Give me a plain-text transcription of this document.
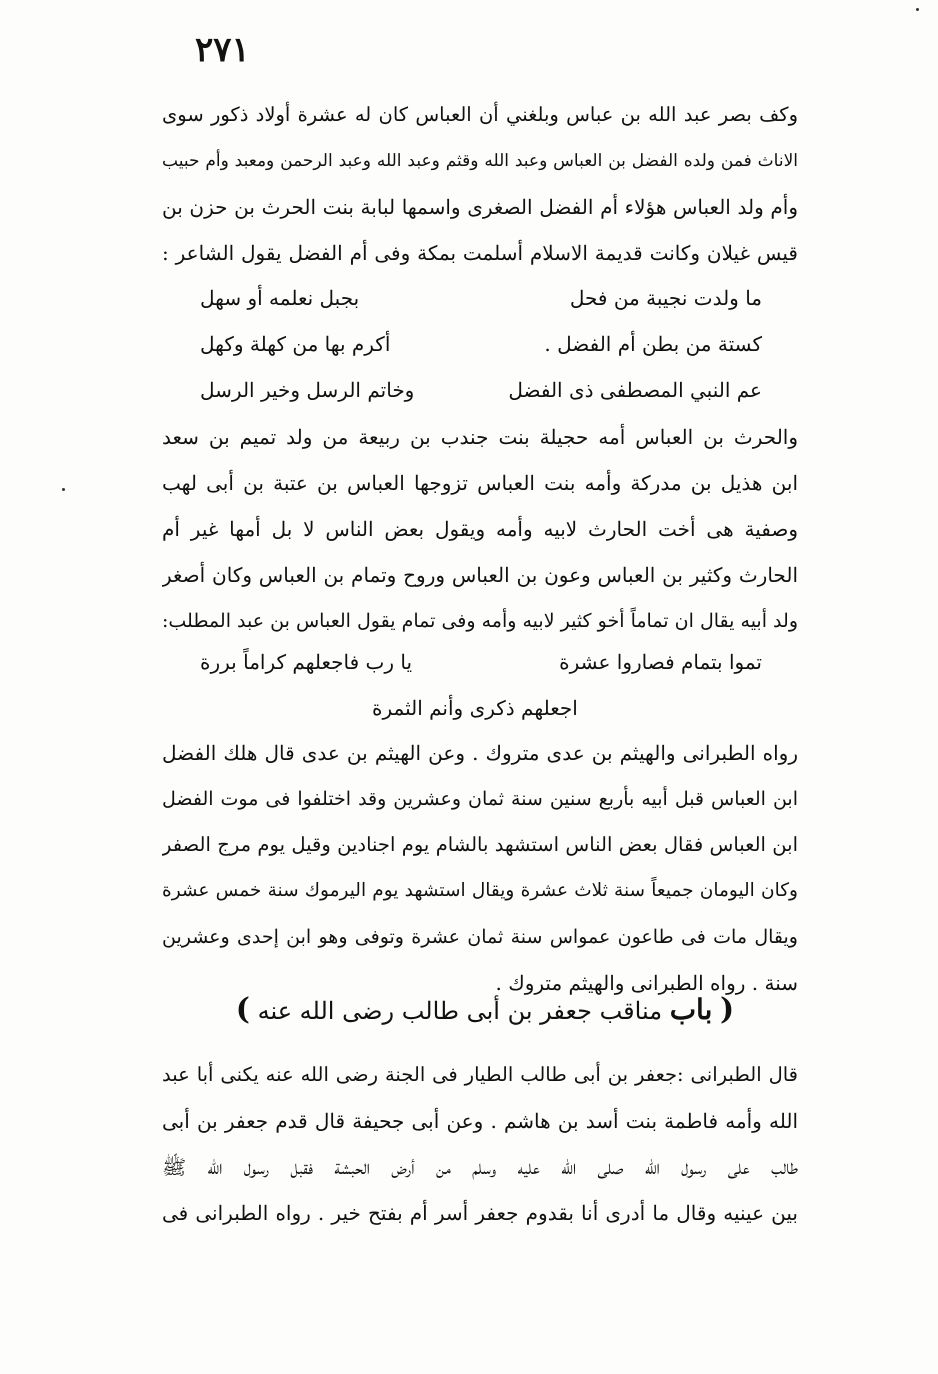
٢٧١
وكف بصر عبد الله بن عباس وبلغني أن العباس كان له عشرة أولاد ذكور سوى
الاناث فمن ولده الفضل بن العباس وعبد الله وقثم وعبد الله وعبد الرحمن ومعبد وأم حبيب
وأم ولد العباس هؤلاء أم الفضل الصغرى واسمها لبابة بنت الحرث بن حزن بن
قيس غيلان وكانت قديمة الاسلام أسلمت بمكة وفى أم الفضل يقول الشاعر :
ما ولدت نجيبة من فحل
بجبل نعلمه أو سهل
كستة من بطن أم الفضل .
أكرم بها من كهلة وكهل
عم النبي المصطفى ذى الفضل
وخاتم الرسل وخير الرسل
والحرث بن العباس أمه حجيلة بنت جندب بن ربيعة من ولد تميم بن سعد
ابن هذيل بن مدركة وأمه بنت العباس تزوجها العباس بن عتبة بن أبى لهب
وصفية هى أخت الحارث لابيه وأمه ويقول بعض الناس لا بل أمها غير أم
الحارث وكثير بن العباس وعون بن العباس وروح وتمام بن العباس وكان أصغر
ولد أبيه يقال ان تماماً أخو كثير لابيه وأمه وفى تمام يقول العباس بن عبد المطلب:
تموا بتمام فصاروا عشرة
يا رب فاجعلهم كراماً بررة
اجعلهم ذكرى وأنم الثمرة
رواه الطبرانى والهيثم بن عدى متروك . وعن الهيثم بن عدى قال هلك الفضل
ابن العباس قبل أبيه بأربع سنين سنة ثمان وعشرين وقد اختلفوا فى موت الفضل
ابن العباس فقال بعض الناس استشهد بالشام يوم اجنادين وقيل يوم مرج الصفر
وكان اليومان جميعاً سنة ثلاث عشرة ويقال استشهد يوم اليرموك سنة خمس عشرة
ويقال مات فى طاعون عمواس سنة ثمان عشرة وتوفى وهو ابن إحدى وعشرين
سنة . رواه الطبرانى والهيثم متروك .
( باب مناقب جعفر بن أبى طالب رضى الله عنه )
قال الطبرانى :جعفر بن أبى طالب الطيار فى الجنة رضى الله عنه يكنى أبا عبد
الله وأمه فاطمة بنت أسد بن هاشم . وعن أبى جحيفة قال قدم جعفر بن أبى
طالب على رسول الله صلى الله عليه وسلم من أرض الحبشة فقبل رسول الله ﷺ
بين عينيه وقال ما أدرى أنا بقدوم جعفر أسر أم بفتح خير . رواه الطبرانى فى
